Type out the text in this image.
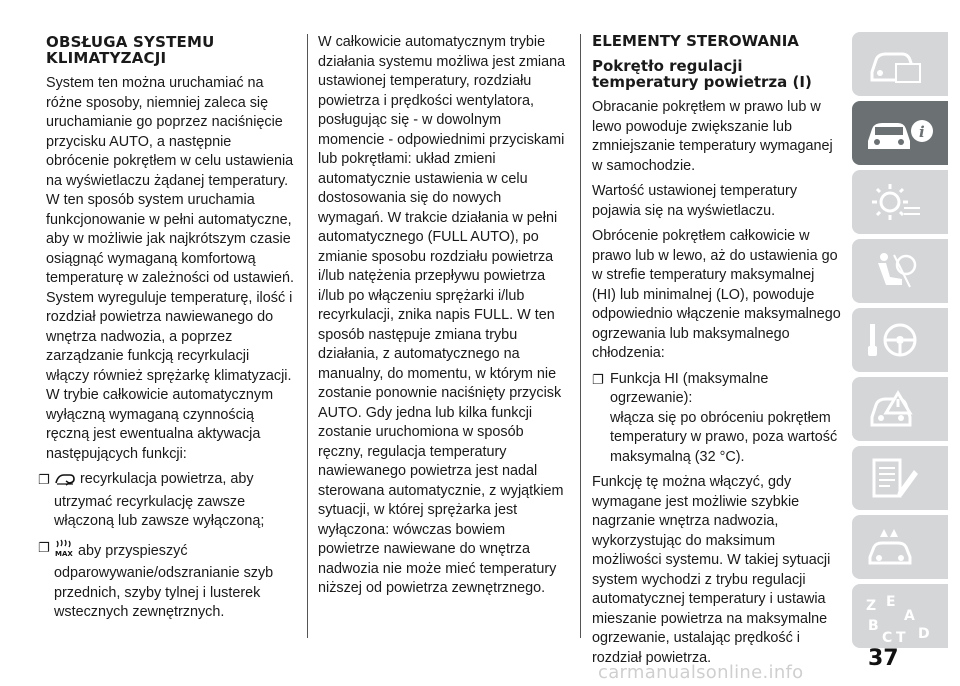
OBSŁUGA SYSTEMU KLIMATYZACJI

System ten można uruchamiać na różne sposoby, niemniej zaleca się uruchamianie go poprzez naciśnięcie przycisku AUTO, a następnie obrócenie pokrętłem w celu ustawienia na wyświetlaczu żądanej temperatury. W ten sposób system uruchamia funkcjonowanie w pełni automatyczne, aby w możliwie jak najkrótszym czasie osiągnąć wymaganą komfortową temperaturę w zależności od ustawień. System wyreguluje temperaturę, ilość i rozdział powietrza nawiewanego do wnętrza nadwozia, a poprzez zarządzanie funkcją recyrkulacji włączy również sprężarkę klimatyzacji. W trybie całkowicie automatycznym wyłączną wymaganą czynnością ręczną jest ewentualna aktywacja następujących funkcji:

❐ recyrkulacja powietrza, aby utrzymać recyrkulację zawsze włączoną lub zawsze wyłączoną;
❐ MAX aby przyspieszyć odparowywanie/odszranianie szyb przednich, szyby tylnej i lusterek wstecznych zewnętrznych.

W całkowicie automatycznym trybie działania systemu możliwa jest zmiana ustawionej temperatury, rozdziału powietrza i prędkości wentylatora, posługując się - w dowolnym momencie - odpowiednimi przyciskami lub pokrętłami: układ zmieni automatycznie ustawienia w celu dostosowania się do nowych wymagań. W trakcie działania w pełni automatycznego (FULL AUTO), po zmianie sposobu rozdziału powietrza i/lub natężenia przepływu powietrza i/lub po włączeniu sprężarki i/lub recyrkulacji, znika napis FULL. W ten sposób następuje zmiana trybu działania, z automatycznego na manualny, do momentu, w którym nie zostanie ponownie naciśnięty przycisk AUTO. Gdy jedna lub kilka funkcji zostanie uruchomiona w sposób ręczny, regulacja temperatury nawiewanego powietrza jest nadal sterowana automatycznie, z wyjątkiem sytuacji, w której sprężarka jest wyłączona: wówczas bowiem powietrze nawiewane do wnętrza nadwozia nie może mieć temperatury niższej od powietrza zewnętrznego.

ELEMENTY STEROWANIA
Pokrętło regulacji temperatury powietrza (I)

Obracanie pokrętłem w prawo lub w lewo powoduje zwiększanie lub zmniejszanie temperatury wymaganej w samochodzie.

Wartość ustawionej temperatury pojawia się na wyświetlaczu.

Obrócenie pokrętłem całkowicie w prawo lub w lewo, aż do ustawienia go w strefie temperatury maksymalnej (HI) lub minimalnej (LO), powoduje odpowiednio włączenie maksymalnego ogrzewania lub maksymalnego chłodzenia:

❐ Funkcja HI (maksymalne ogrzewanie):
włącza się po obróceniu pokrętłem temperatury w prawo, poza wartość maksymalną (32 °C).

Funkcję tę można włączyć, gdy wymagane jest możliwie szybkie nagrzanie wnętrza nadwozia, wykorzystując do maksimum możliwości systemu. W takiej sytuacji system wychodzi z trybu regulacji automatycznej temperatury i ustawia mieszanie powietrza na maksymalne ogrzewanie, ustalając prędkość i rozdział powietrza.

i
Z E
A
B
C T D
37
carmanualsonline.info
